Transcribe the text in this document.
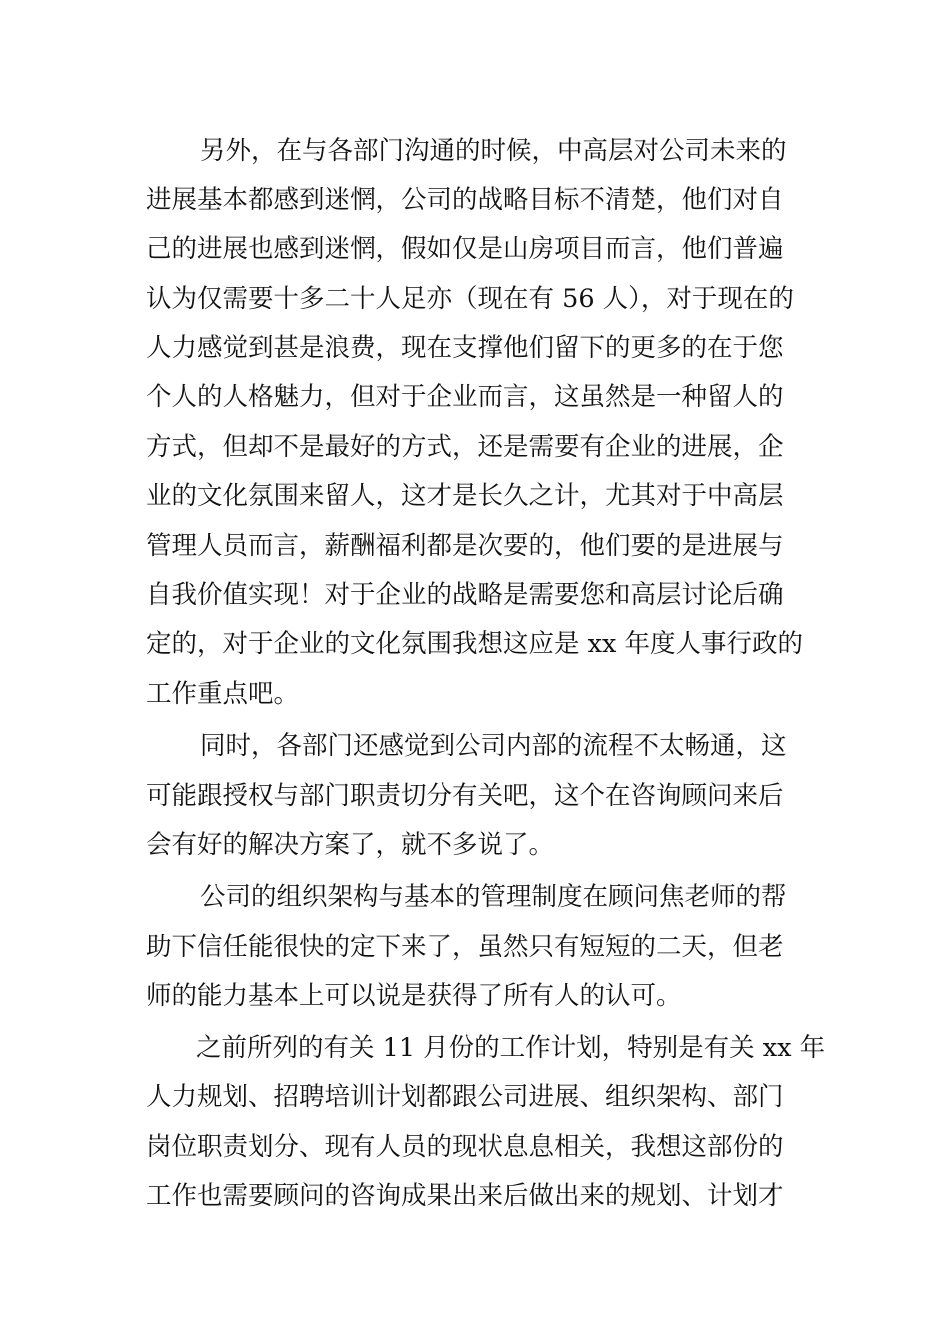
另外，在与各部门沟通的时候，中高层对公司未来的
进展基本都感到迷惘，公司的战略目标不清楚，他们对自
己的进展也感到迷惘，假如仅是山房项目而言，他们普遍
认为仅需要十多二十人足亦（现在有 56 人），对于现在的
人力感觉到甚是浪费，现在支撑他们留下的更多的在于您
个人的人格魅力，但对于企业而言，这虽然是一种留人的
方式，但却不是最好的方式，还是需要有企业的进展，企
业的文化氛围来留人，这才是长久之计，尤其对于中高层
管理人员而言，薪酬福利都是次要的，他们要的是进展与
自我价值实现！对于企业的战略是需要您和高层讨论后确
定的，对于企业的文化氛围我想这应是 xx 年度人事行政的
工作重点吧。
同时，各部门还感觉到公司内部的流程不太畅通，这
可能跟授权与部门职责切分有关吧，这个在咨询顾问来后
会有好的解决方案了，就不多说了。
公司的组织架构与基本的管理制度在顾问焦老师的帮
助下信任能很快的定下来了，虽然只有短短的二天，但老
师的能力基本上可以说是获得了所有人的认可。
之前所列的有关 11 月份的工作计划，特别是有关 xx 年
人力规划、招聘培训计划都跟公司进展、组织架构、部门
岗位职责划分、现有人员的现状息息相关，我想这部份的
工作也需要顾问的咨询成果出来后做出来的规划、计划才
